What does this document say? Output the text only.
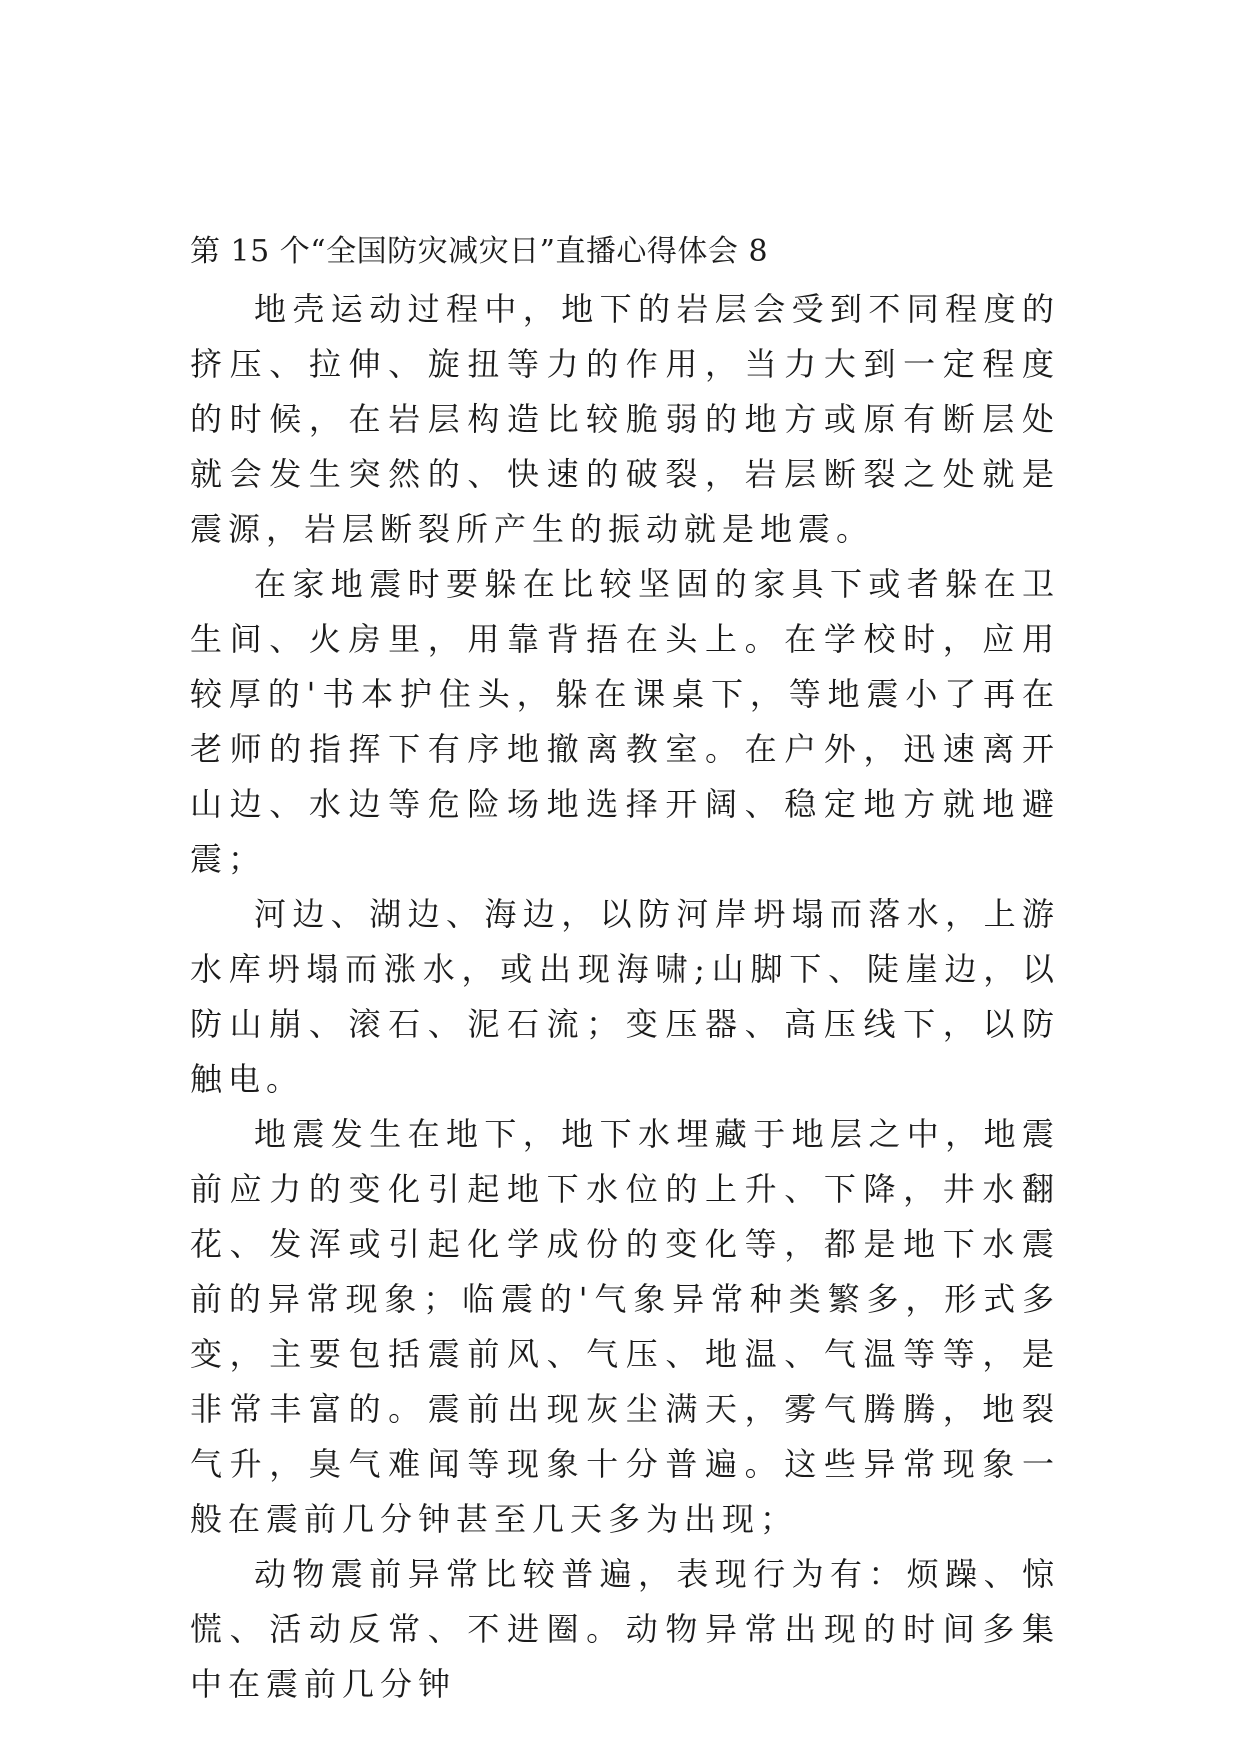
第 15 个“全国防灾减灾日”直播心得体会 8

地壳运动过程中，地下的岩层会受到不同程度的挤压、拉伸、旋扭等力的作用，当力大到一定程度的时候，在岩层构造比较脆弱的地方或原有断层处就会发生突然的、快速的破裂，岩层断裂之处就是震源，岩层断裂所产生的振动就是地震。

在家地震时要躲在比较坚固的家具下或者躲在卫生间、火房里，用靠背捂在头上。在学校时，应用较厚的'书本护住头，躲在课桌下，等地震小了再在老师的指挥下有序地撤离教室。在户外，迅速离开山边、水边等危险场地选择开阔、稳定地方就地避震；

河边、湖边、海边，以防河岸坍塌而落水，上游水库坍塌而涨水，或出现海啸;山脚下、陡崖边，以防山崩、滚石、泥石流；变压器、高压线下，以防触电。

地震发生在地下，地下水埋藏于地层之中，地震前应力的变化引起地下水位的上升、下降，井水翻花、发浑或引起化学成份的变化等，都是地下水震前的异常现象；临震的'气象异常种类繁多，形式多变，主要包括震前风、气压、地温、气温等等，是非常丰富的。震前出现灰尘满天，雾气腾腾，地裂气升，臭气难闻等现象十分普遍。这些异常现象一般在震前几分钟甚至几天多为出现；

动物震前异常比较普遍，表现行为有：烦躁、惊慌、活动反常、不进圈。动物异常出现的时间多集中在震前几分钟
